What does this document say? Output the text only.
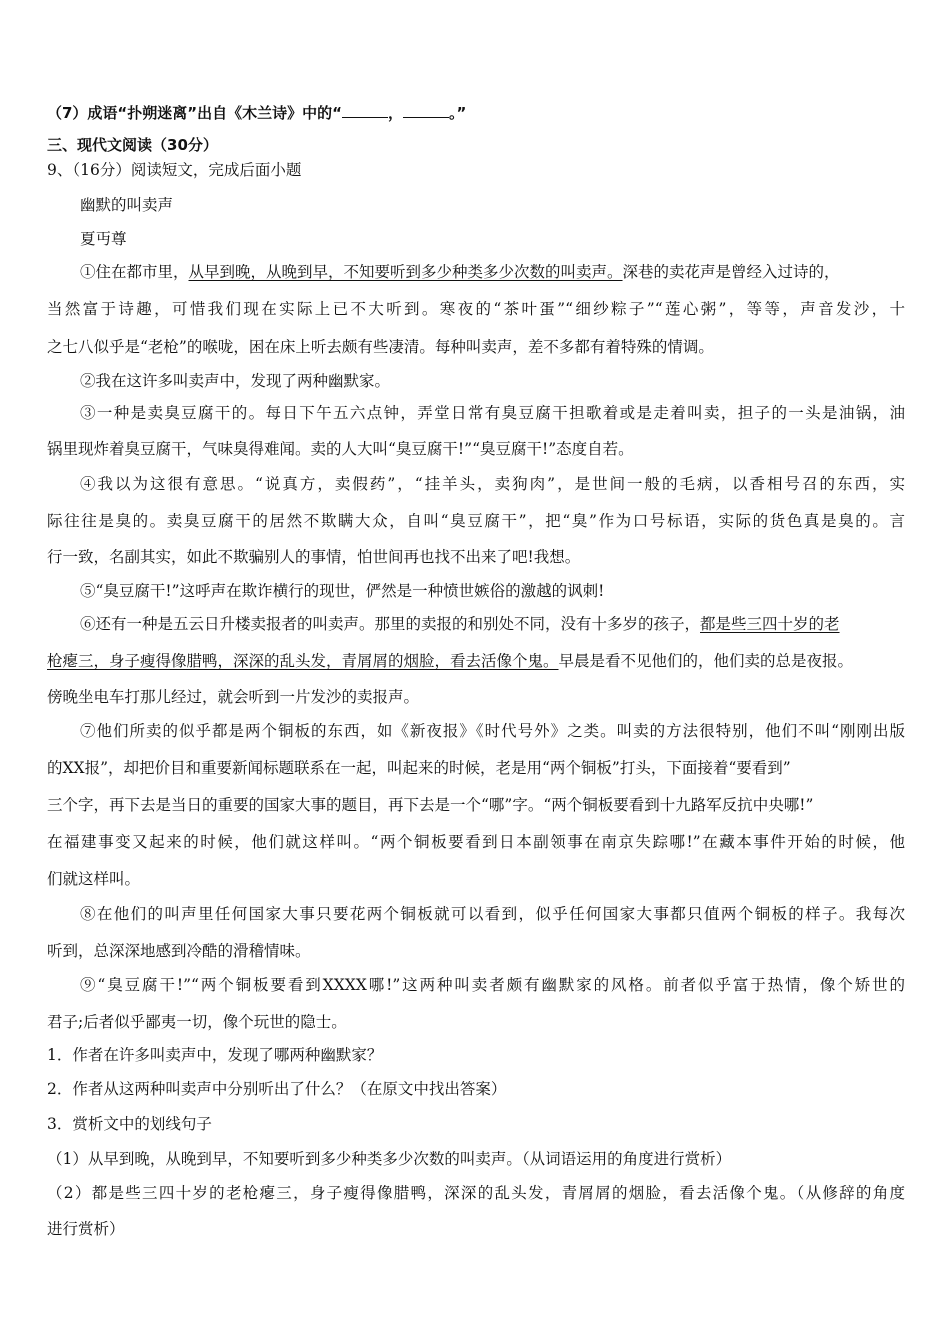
（7）成语“扑朔迷离”出自《木兰诗》中的“	，	。”
三、现代文阅读（30分）
9、（16分）阅读短文，完成后面小题
幽默的叫卖声
夏丏尊
①住在都市里，从早到晚，从晚到早，不知要听到多少种类多少次数的叫卖声。深巷的卖花声是曾经入过诗的，
当然富于诗趣，可惜我们现在实际上已不大听到。寒夜的“茶叶蛋”“细纱粽子”“莲心粥”，等等，声音发沙，十
之七八似乎是“老枪”的喉咙，困在床上听去颇有些凄清。每种叫卖声，差不多都有着特殊的情调。
②我在这许多叫卖声中，发现了两种幽默家。
③一种是卖臭豆腐干的。每日下午五六点钟，弄堂日常有臭豆腐干担歌着或是走着叫卖，担子的一头是油锅，油
锅里现炸着臭豆腐干，气味臭得难闻。卖的人大叫“臭豆腐干!”“臭豆腐干!”态度自若。
④我以为这很有意思。“说真方，卖假药”，“挂羊头，卖狗肉”，是世间一般的毛病，以香相号召的东西，实
际往往是臭的。卖臭豆腐干的居然不欺瞒大众，自叫“臭豆腐干”，把“臭”作为口号标语，实际的货色真是臭的。言
行一致，名副其实，如此不欺骗别人的事情，怕世间再也找不出来了吧!我想。
⑤“臭豆腐干!”这呼声在欺诈横行的现世，俨然是一种愤世嫉俗的激越的讽刺!
⑥还有一种是五云日升楼卖报者的叫卖声。那里的卖报的和别处不同，没有十多岁的孩子，都是些三四十岁的老
枪瘪三，身子瘦得像腊鸭，深深的乱头发，青屑屑的烟脸，看去活像个鬼。早晨是看不见他们的，他们卖的总是夜报。
傍晚坐电车打那儿经过，就会听到一片发沙的卖报声。
⑦他们所卖的似乎都是两个铜板的东西，如《新夜报》《时代号外》之类。叫卖的方法很特别，他们不叫“刚刚出版
的XX报”，却把价目和重要新闻标题联系在一起，叫起来的时候，老是用“两个铜板”打头，下面接着“要看到”
三个字，再下去是当日的重要的国家大事的题目，再下去是一个“哪”字。“两个铜板要看到十九路军反抗中央哪!”
在福建事变又起来的时候，他们就这样叫。“两个铜板要看到日本副领事在南京失踪哪!”在藏本事件开始的时候，他
们就这样叫。
⑧在他们的叫声里任何国家大事只要花两个铜板就可以看到，似乎任何国家大事都只值两个铜板的样子。我每次
听到，总深深地感到冷酷的滑稽情味。
⑨“臭豆腐干!”“两个铜板要看到XXXX哪!”这两种叫卖者颇有幽默家的风格。前者似乎富于热情，像个矫世的
君子;后者似乎鄙夷一切，像个玩世的隐士。
1．作者在许多叫卖声中，发现了哪两种幽默家？
2．作者从这两种叫卖声中分别听出了什么？（在原文中找出答案）
3．赏析文中的划线句子
（1）从早到晚，从晚到早，不知要听到多少种类多少次数的叫卖声。（从词语运用的角度进行赏析）
（2）都是些三四十岁的老枪瘪三，身子瘦得像腊鸭，深深的乱头发，青屑屑的烟脸，看去活像个鬼。（从修辞的角度
进行赏析）
